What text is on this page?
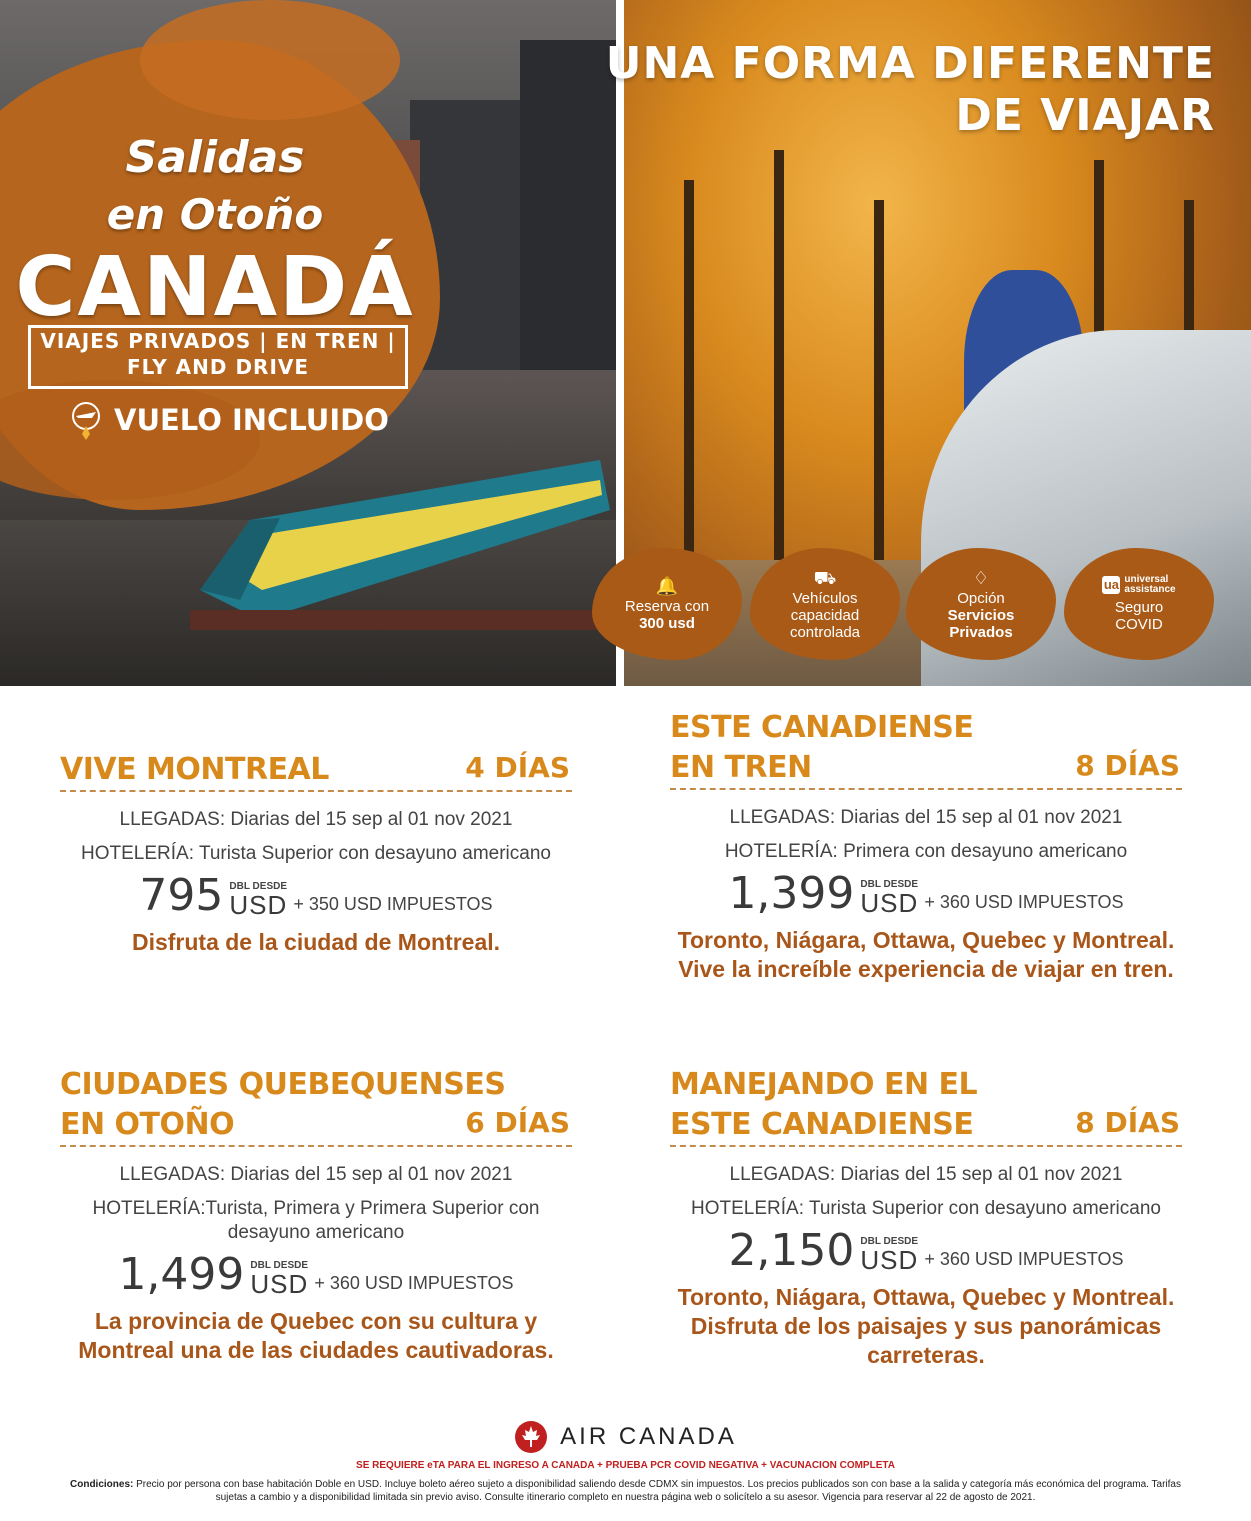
Salidas
en Otoño
CANADÁ
VIAJES PRIVADOS | EN TREN |
FLY AND DRIVE
VUELO INCLUIDO
UNA FORMA DIFERENTE
DE VIAJAR
🔔
Reserva con
300 usd
⛟
Vehículos
capacidad
controlada
♢
Opción
Servicios
Privados
ua universal
assistance
Seguro
COVID
VIVE MONTREAL	4 DÍAS
LLEGADAS: Diarias del 15 sep al 01 nov 2021
HOTELERÍA: Turista Superior con desayuno americano
795 DBL DESDE
USD + 350 USD IMPUESTOS
Disfruta de la ciudad de Montreal.
ESTE CANADIENSE
EN TREN	8 DÍAS
LLEGADAS: Diarias del 15 sep al 01 nov 2021
HOTELERÍA: Primera con desayuno americano
1,399 DBL DESDE
USD + 360 USD IMPUESTOS
Toronto, Niágara, Ottawa, Quebec y Montreal. Vive la increíble experiencia de viajar en tren.
CIUDADES QUEBEQUENSES
EN OTOÑO	6 DÍAS
LLEGADAS: Diarias del 15 sep al 01 nov 2021
HOTELERÍA:Turista, Primera y Primera Superior con desayuno americano
1,499 DBL DESDE
USD + 360 USD IMPUESTOS
La provincia de Quebec con su cultura y Montreal una de las ciudades cautivadoras.
MANEJANDO EN EL
ESTE CANADIENSE	8 DÍAS
LLEGADAS: Diarias del 15 sep al 01 nov 2021
HOTELERÍA: Turista Superior con desayuno americano
2,150 DBL DESDE
USD + 360 USD IMPUESTOS
Toronto, Niágara, Ottawa, Quebec y Montreal. Disfruta de los paisajes y sus panorámicas carreteras.
AIR CANADA
SE REQUIERE eTA PARA EL INGRESO A CANADA + PRUEBA PCR COVID NEGATIVA + VACUNACION COMPLETA
Condiciones: Precio por persona con base habitación Doble en USD. Incluye boleto aéreo sujeto a disponibilidad saliendo desde CDMX sin impuestos. Los precios publicados son con base a la salida y categoría más económica del programa. Tarifas sujetas a cambio y a disponibilidad limitada sin previo aviso. Consulte itinerario completo en nuestra página web o solicítelo a su asesor. Vigencia para reservar al 22 de agosto de 2021.
